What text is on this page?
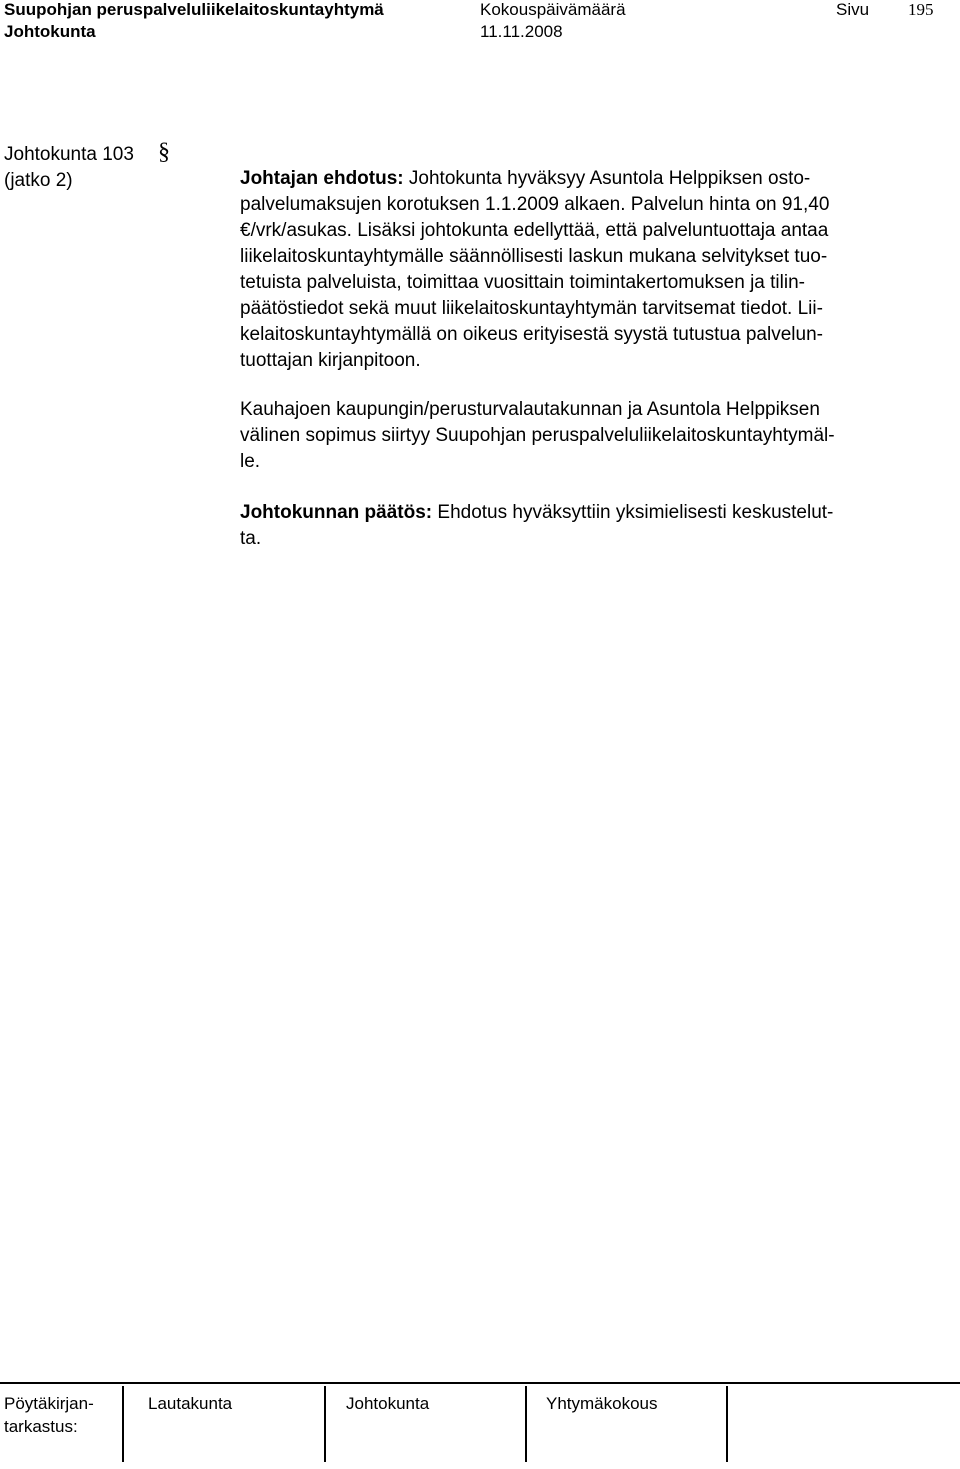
Suupohjan peruspalveluliikelaitoskuntayhtymä
Johtokunta
Kokouspäivämäärä
11.11.2008
Sivu 195
Johtokunta 103 §
(jatko 2)	Johtajan ehdotus: Johtokunta hyväksyy Asuntola Helppiksen osto-
palvelumaksujen korotuksen 1.1.2009 alkaen. Palvelun hinta on 91,40
€/vrk/asukas. Lisäksi johtokunta edellyttää, että palveluntuottaja antaa
liikelaitoskuntayhtymälle säännöllisesti laskun mukana selvitykset tuo-
tetuista palveluista, toimittaa vuosittain toimintakertomuksen ja tilin-
päätöstiedot sekä muut liikelaitoskuntayhtymän tarvitsemat tiedot. Lii-
kelaitoskuntayhtymällä on oikeus erityisestä syystä tutustua palvelun-
tuottajan kirjanpitoon.
Kauhajoen kaupungin/perusturvalautakunnan ja Asuntola Helppiksen
välinen sopimus siirtyy Suupohjan peruspalveluliikelaitoskuntayhtymäl-
le.
Johtokunnan päätös: Ehdotus hyväksyttiin yksimielisesti keskustelut-
ta.
Pöytäkirjan-
tarkastus:
Lautakunta	Johtokunta	Yhtymäkokous
